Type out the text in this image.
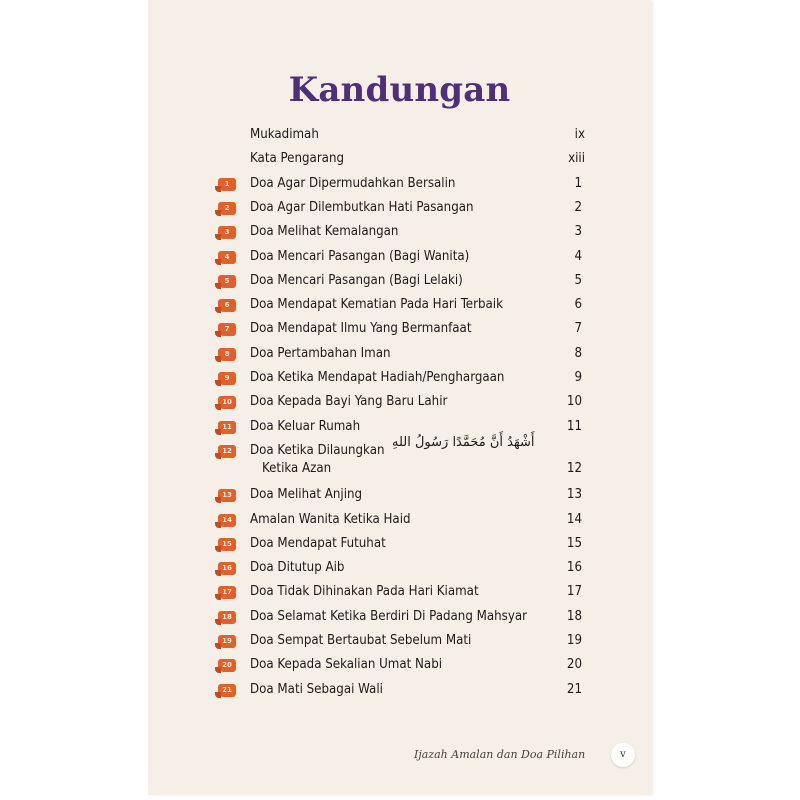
Kandungan
Mukadimah	ix
Kata Pengarang	xiii
1	Doa Agar Dipermudahkan Bersalin	1
2	Doa Agar Dilembutkan Hati Pasangan	2
3	Doa Melihat Kemalangan	3
4	Doa Mencari Pasangan (Bagi Wanita)	4
5	Doa Mencari Pasangan (Bagi Lelaki)	5
6	Doa Mendapat Kematian Pada Hari Terbaik	6
7	Doa Mendapat Ilmu Yang Bermanfaat	7
8	Doa Pertambahan Iman	8
9	Doa Ketika Mendapat Hadiah/Penghargaan	9
10	Doa Kepada Bayi Yang Baru Lahir	10
11	Doa Keluar Rumah	11
12	Doa Ketika Dilaungkan
أَشْهَدُ أَنَّ مُحَمَّدًا رَسُولُ اللهِ
Ketika Azan	12
13	Doa Melihat Anjing	13
14	Amalan Wanita Ketika Haid	14
15	Doa Mendapat Futuhat	15
16	Doa Ditutup Aib	16
17	Doa Tidak Dihinakan Pada Hari Kiamat	17
18	Doa Selamat Ketika Berdiri Di Padang Mahsyar	18
19	Doa Sempat Bertaubat Sebelum Mati	19
20	Doa Kepada Sekalian Umat Nabi	20
21	Doa Mati Sebagai Wali	21
Ijazah Amalan dan Doa Pilihan	v
